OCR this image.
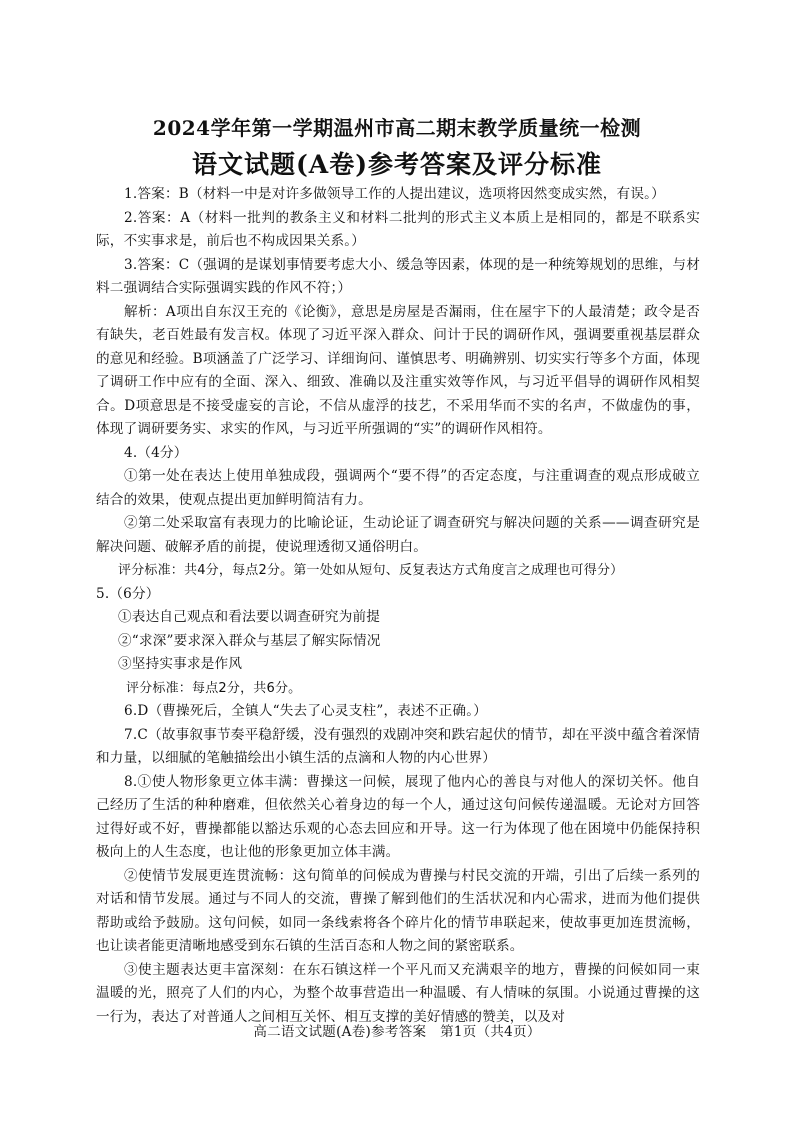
2024学年第一学期温州市高二期末教学质量统一检测
语文试题(A卷)参考答案及评分标准

1.答案：B（材料一中是对许多做领导工作的人提出建议，选项将因然变成实然，有误。）

2.答案：A（材料一批判的教条主义和材料二批判的形式主义本质上是相同的，都是不联系实际，不实事求是，前后也不构成因果关系。）

3.答案：C（强调的是谋划事情要考虑大小、缓急等因素，体现的是一种统筹规划的思维，与材料二强调结合实际强调实践的作风不符；）

解析：A项出自东汉王充的《论衡》，意思是房屋是否漏雨，住在屋宇下的人最清楚；政令是否有缺失，老百姓最有发言权。体现了习近平深入群众、问计于民的调研作风，强调要重视基层群众的意见和经验。B项涵盖了广泛学习、详细询问、谨慎思考、明确辨别、切实实行等多个方面，体现了调研工作中应有的全面、深入、细致、准确以及注重实效等作风，与习近平倡导的调研作风相契合。D项意思是不接受虚妄的言论，不信从虚浮的技艺，不采用华而不实的名声，不做虚伪的事，体现了调研要务实、求实的作风，与习近平所强调的“实”的调研作风相符。

4.（4分）

①第一处在表达上使用单独成段，强调两个“要不得”的否定态度，与注重调查的观点形成破立结合的效果，使观点提出更加鲜明简洁有力。

②第二处采取富有表现力的比喻论证，生动论证了调查研究与解决问题的关系——调查研究是解决问题、破解矛盾的前提，使说理透彻又通俗明白。

评分标准：共4分，每点2分。第一处如从短句、反复表达方式角度言之成理也可得分）

5.（6分）

①表达自己观点和看法要以调查研究为前提

②“求深”要求深入群众与基层了解实际情况

③坚持实事求是作风

评分标准：每点2分，共6分。

6.D（曹操死后，全镇人“失去了心灵支柱”，表述不正确。）

7.C（故事叙事节奏平稳舒缓，没有强烈的戏剧冲突和跌宕起伏的情节，却在平淡中蕴含着深情和力量，以细腻的笔触描绘出小镇生活的点滴和人物的内心世界）

8.①使人物形象更立体丰满：曹操这一问候，展现了他内心的善良与对他人的深切关怀。他自己经历了生活的种种磨难，但依然关心着身边的每一个人，通过这句问候传递温暖。无论对方回答过得好或不好，曹操都能以豁达乐观的心态去回应和开导。这一行为体现了他在困境中仍能保持积极向上的人生态度，也让他的形象更加立体丰满。

②使情节发展更连贯流畅：这句简单的问候成为曹操与村民交流的开端，引出了后续一系列的对话和情节发展。通过与不同人的交流，曹操了解到他们的生活状况和内心需求，进而为他们提供帮助或给予鼓励。这句问候，如同一条线索将各个碎片化的情节串联起来，使故事更加连贯流畅，也让读者能更清晰地感受到东石镇的生活百态和人物之间的紧密联系。

③使主题表达更丰富深刻：在东石镇这样一个平凡而又充满艰辛的地方，曹操的问候如同一束温暖的光，照亮了人们的内心，为整个故事营造出一种温暖、有人情味的氛围。小说通过曹操的这一行为，表达了对普通人之间相互关怀、相互支撑的美好情感的赞美，以及对

高二语文试题(A卷)参考答案　第1页（共4页）
